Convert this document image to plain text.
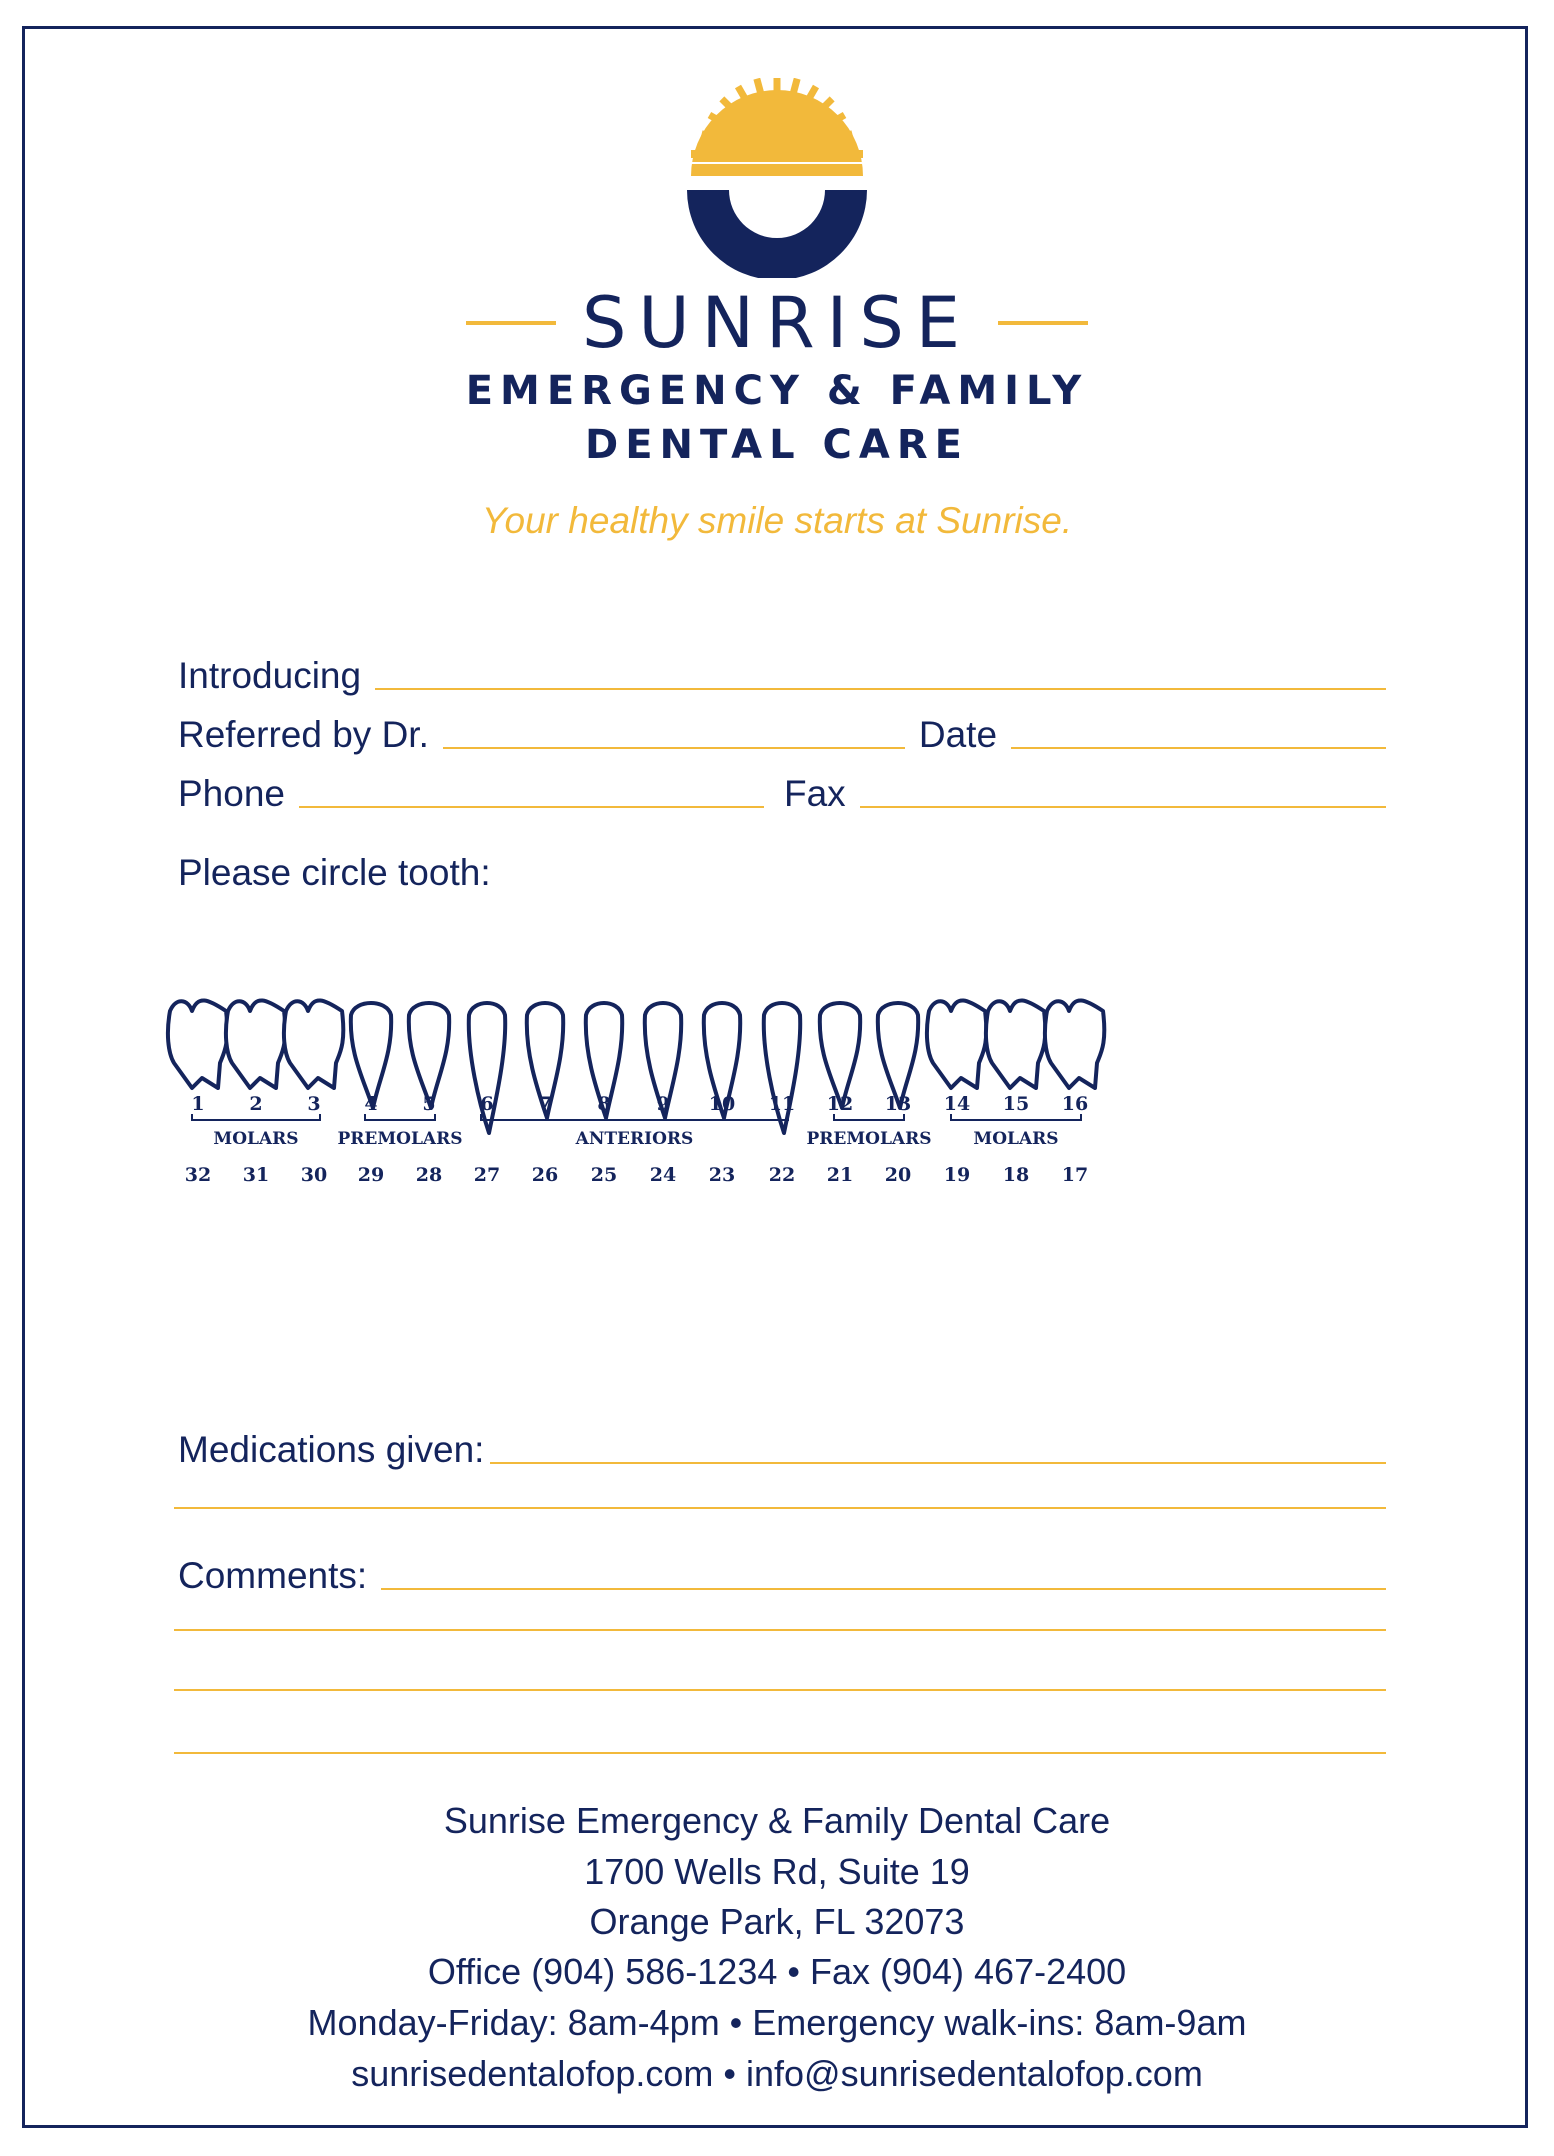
SUNRISE
EMERGENCY & FAMILY
DENTAL CARE
Your healthy smile starts at Sunrise.
Introducing
Referred by Dr.	Date
Phone	Fax
Please circle tooth:
1 2 3 4 5 6 7 8 9 10 11 12 13 14 15 16
32 31 30 29 28 27 26 25 24 23 22 21 20 19 18 17
MOLARS PREMOLARS	ANTERIORS	PREMOLARS MOLARS
Medications given:
Comments:
Sunrise Emergency & Family Dental Care
1700 Wells Rd, Suite 19
Orange Park, FL 32073
Office (904) 586-1234 • Fax (904) 467-2400
Monday-Friday: 8am-4pm • Emergency walk-ins: 8am-9am
sunrisedentalofop.com • info@sunrisedentalofop.com
